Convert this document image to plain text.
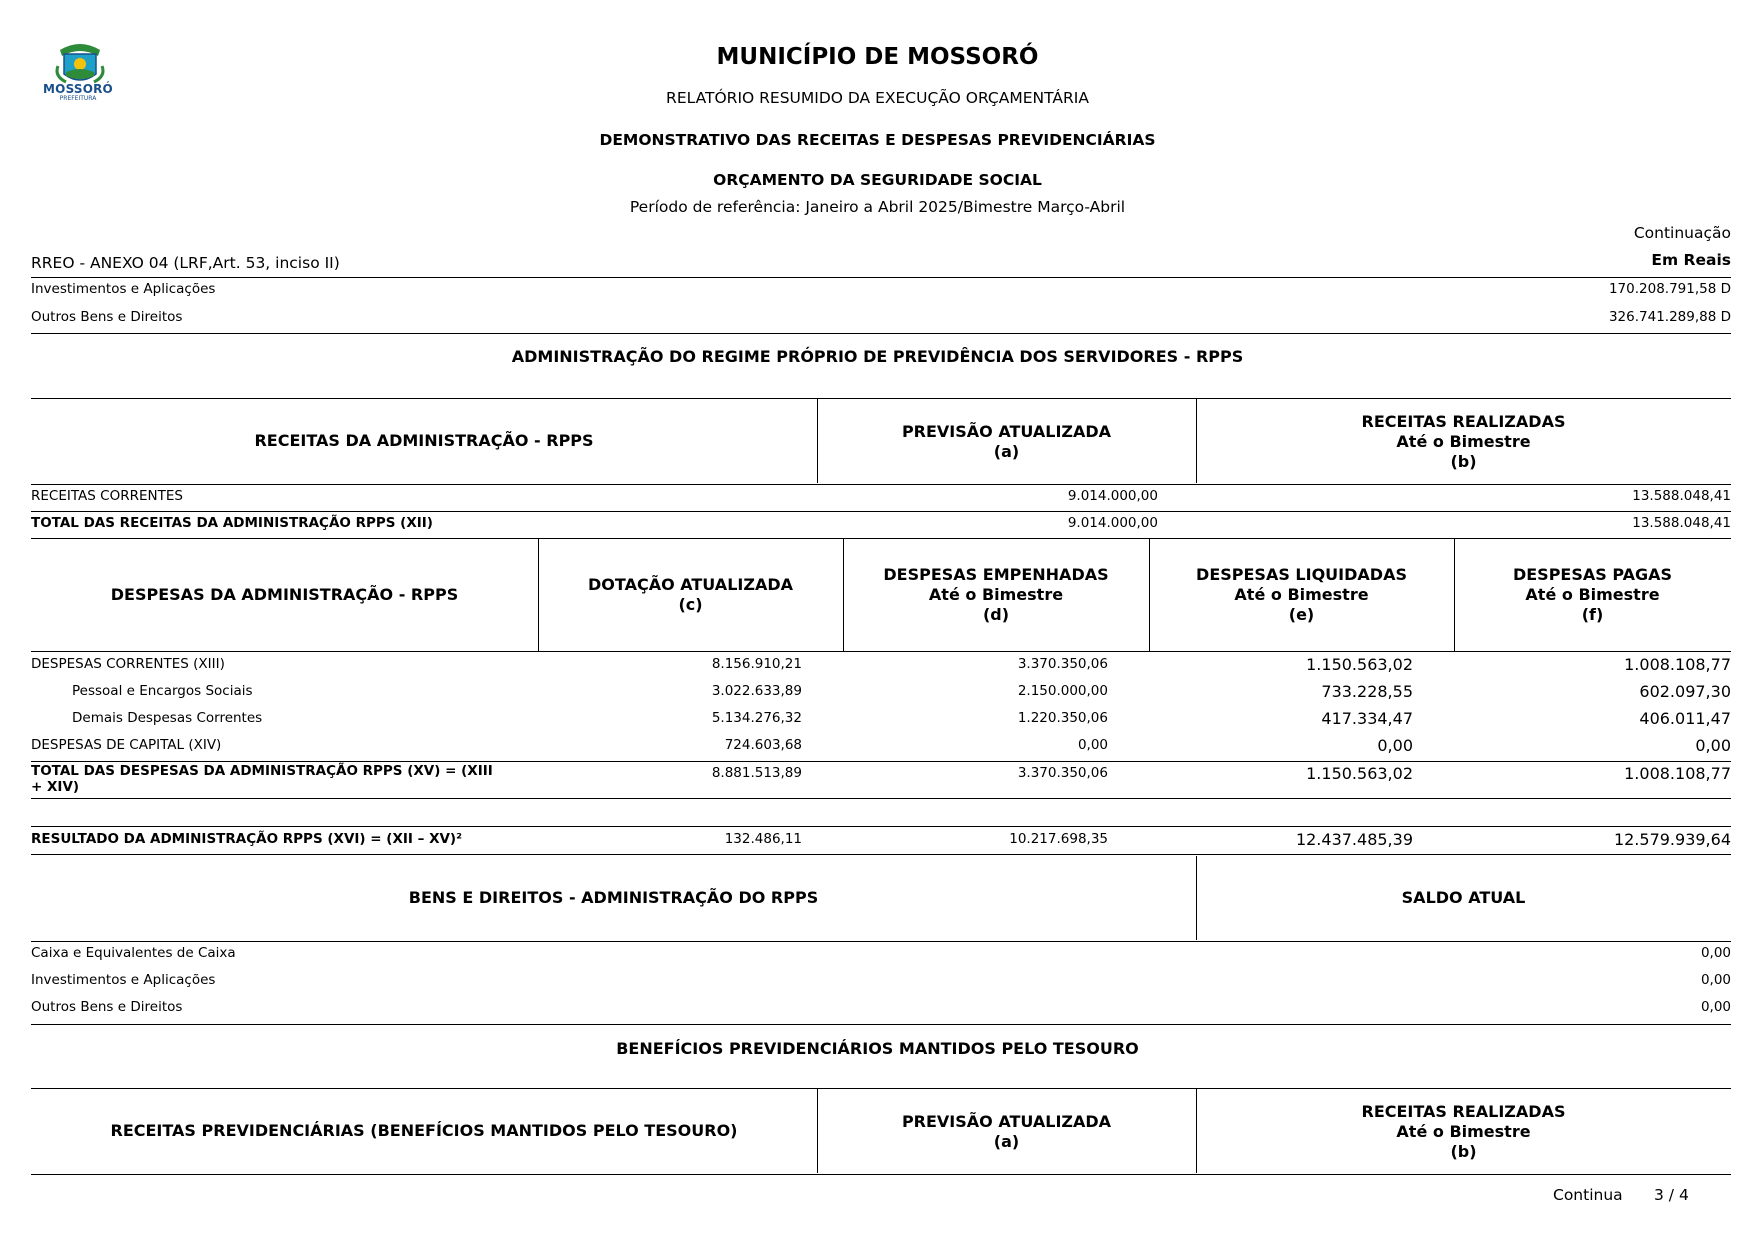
MOSSORÓ
PREFEITURA
MUNICÍPIO DE MOSSORÓ
RELATÓRIO RESUMIDO DA EXECUÇÃO ORÇAMENTÁRIA
DEMONSTRATIVO DAS RECEITAS E DESPESAS PREVIDENCIÁRIAS
ORÇAMENTO DA SEGURIDADE SOCIAL
Período de referência: Janeiro a Abril 2025/Bimestre Março-Abril
Continuação
RREO - ANEXO 04 (LRF,Art. 53, inciso II)	Em Reais
Investimentos e Aplicações	170.208.791,58 D
Outros Bens e Direitos	326.741.289,88 D
ADMINISTRAÇÃO DO REGIME PRÓPRIO DE PREVIDÊNCIA DOS SERVIDORES - RPPS
RECEITAS DA ADMINISTRAÇÃO - RPPS	PREVISÃO ATUALIZADA
(a)
RECEITAS REALIZADAS
Até o Bimestre
(b)
RECEITAS CORRENTES	9.014.000,00	13.588.048,41
TOTAL DAS RECEITAS DA ADMINISTRAÇÃO RPPS (XII)	9.014.000,00	13.588.048,41
DESPESAS DA ADMINISTRAÇÃO - RPPS
DOTAÇÃO ATUALIZADA
(c)
DESPESAS EMPENHADAS
Até o Bimestre
(d)
DESPESAS LIQUIDADAS
Até o Bimestre
(e)
DESPESAS PAGAS
Até o Bimestre
(f)
DESPESAS CORRENTES (XIII)	8.156.910,21	3.370.350,06	1.150.563,02	1.008.108,77
Pessoal e Encargos Sociais	3.022.633,89	2.150.000,00	733.228,55	602.097,30
Demais Despesas Correntes	5.134.276,32	1.220.350,06	417.334,47	406.011,47
DESPESAS DE CAPITAL (XIV)	724.603,68	0,00	0,00	0,00
TOTAL DAS DESPESAS DA ADMINISTRAÇÃO RPPS (XV) = (XIII
+ XIV)
8.881.513,89	3.370.350,06	1.150.563,02	1.008.108,77
RESULTADO DA ADMINISTRAÇÃO RPPS (XVI) = (XII – XV)²	132.486,11	10.217.698,35	12.437.485,39	12.579.939,64
BENS E DIREITOS - ADMINISTRAÇÃO DO RPPS	SALDO ATUAL
Caixa e Equivalentes de Caixa	0,00
Investimentos e Aplicações	0,00
Outros Bens e Direitos	0,00
BENEFÍCIOS PREVIDENCIÁRIOS MANTIDOS PELO TESOURO
RECEITAS PREVIDENCIÁRIAS (BENEFÍCIOS MANTIDOS PELO TESOURO)	PREVISÃO ATUALIZADA
(a)
RECEITAS REALIZADAS
Até o Bimestre
(b)
Continua 3 / 4
